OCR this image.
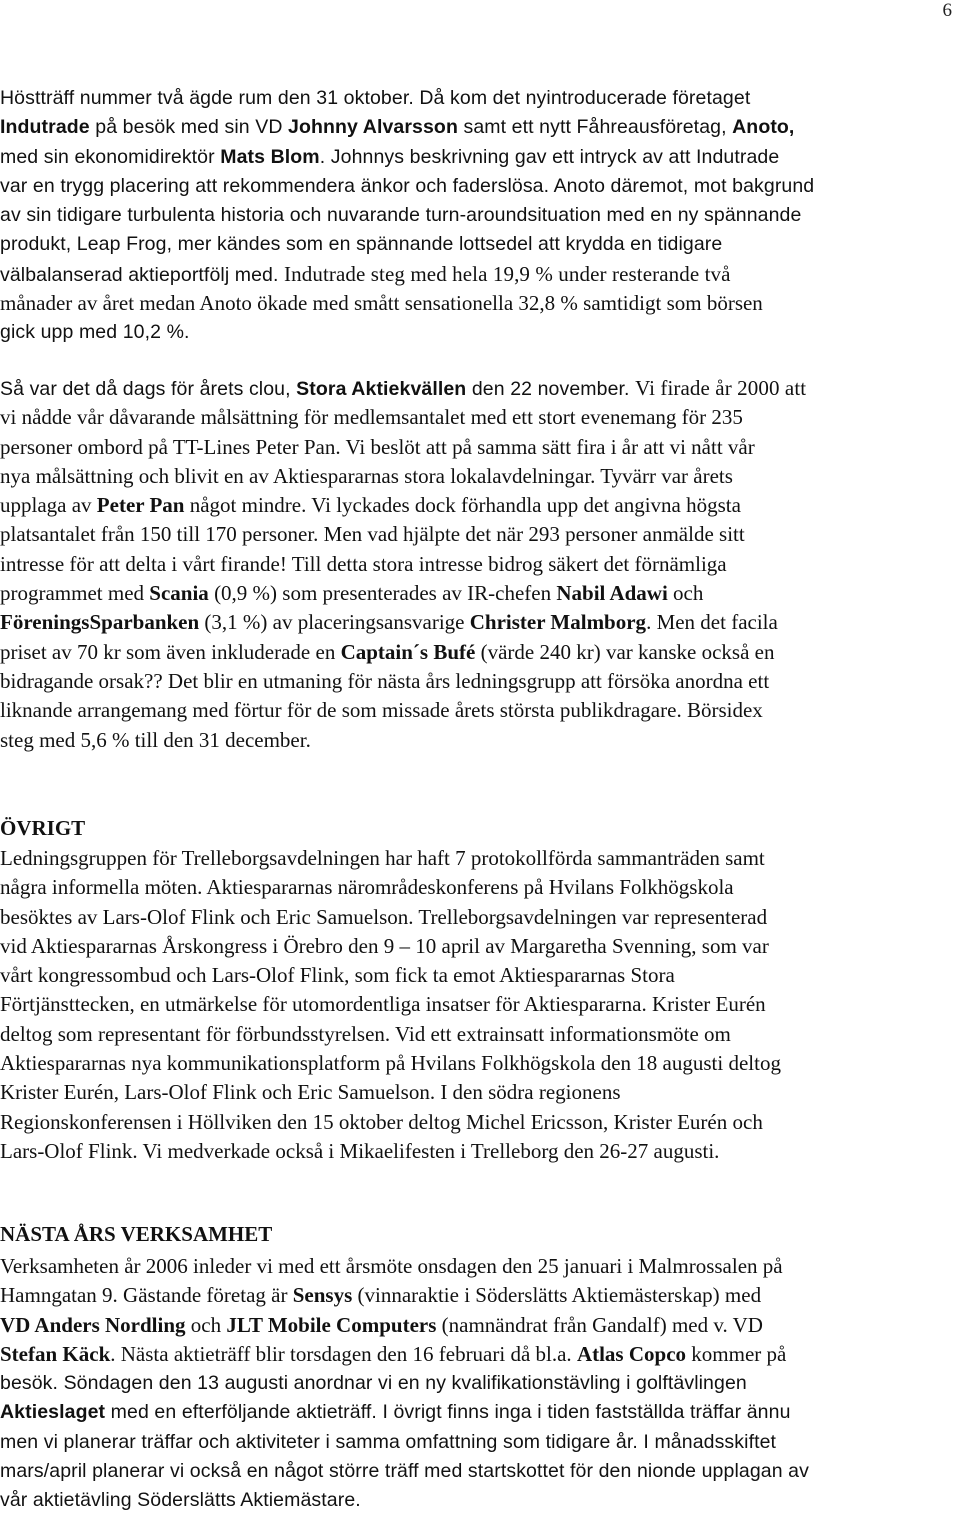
6
Höstträff nummer två ägde rum den 31 oktober. Då kom det nyintroducerade företaget
Indutrade på besök med sin VD Johnny Alvarsson samt ett nytt Fåhreausföretag, Anoto,
med sin ekonomidirektör Mats Blom. Johnnys beskrivning gav ett intryck av att Indutrade
var en trygg placering att rekommendera änkor och faderslösa. Anoto däremot, mot bakgrund
av sin tidigare turbulenta historia och nuvarande turn-aroundsituation med en ny spännande
produkt, Leap Frog, mer kändes som en spännande lottsedel att krydda en tidigare
välbalanserad aktieportfölj med. Indutrade steg med hela 19,9 % under resterande två
månader av året medan Anoto ökade med smått sensationella 32,8 % samtidigt som börsen
gick upp med 10,2 %.
Så var det då dags för årets clou, Stora Aktiekvällen den 22 november. Vi firade år 2000 att
vi nådde vår dåvarande målsättning för medlemsantalet med ett stort evenemang för 235
personer ombord på TT-Lines Peter Pan. Vi beslöt att på samma sätt fira i år att vi nått vår
nya målsättning och blivit en av Aktiespararnas stora lokalavdelningar. Tyvärr var årets
upplaga av Peter Pan något mindre. Vi lyckades dock förhandla upp det angivna högsta
platsantalet från 150 till 170 personer. Men vad hjälpte det när 293 personer anmälde sitt
intresse för att delta i vårt firande! Till detta stora intresse bidrog säkert det förnämliga
programmet med Scania (0,9 %) som presenterades av IR-chefen Nabil Adawi och
FöreningsSparbanken (3,1 %) av placeringsansvarige Christer Malmborg. Men det facila
priset av 70 kr som även inkluderade en Captain´s Bufé (värde 240 kr) var kanske också en
bidragande orsak?? Det blir en utmaning för nästa års ledningsgrupp att försöka anordna ett
liknande arrangemang med förtur för de som missade årets största publikdragare. Börsidex
steg med 5,6 % till den 31 december.
ÖVRIGT
Ledningsgruppen för Trelleborgsavdelningen har haft 7 protokollförda sammanträden samt
några informella möten. Aktiespararnas närområdeskonferens på Hvilans Folkhögskola
besöktes av Lars-Olof Flink och Eric Samuelson. Trelleborgsavdelningen var representerad
vid Aktiespararnas Årskongress i Örebro den 9 – 10 april av Margaretha Svenning, som var
vårt kongressombud och Lars-Olof Flink, som fick ta emot Aktiespararnas Stora
Förtjänsttecken, en utmärkelse för utomordentliga insatser för Aktiespararna. Krister Eurén
deltog som representant för förbundsstyrelsen. Vid ett extrainsatt informationsmöte om
Aktiespararnas nya kommunikationsplatform på Hvilans Folkhögskola den 18 augusti deltog
Krister Eurén, Lars-Olof Flink och Eric Samuelson. I den södra regionens
Regionskonferensen i Höllviken den 15 oktober deltog Michel Ericsson, Krister Eurén och
Lars-Olof Flink. Vi medverkade också i Mikaelifesten i Trelleborg den 26-27 augusti.
NÄSTA ÅRS VERKSAMHET
Verksamheten år 2006 inleder vi med ett årsmöte onsdagen den 25 januari i Malmrossalen på
Hamngatan 9. Gästande företag är Sensys (vinnaraktie i Söderslätts Aktiemästerskap) med
VD Anders Nordling och JLT Mobile Computers (namnändrat från Gandalf) med v. VD
Stefan Käck. Nästa aktieträff blir torsdagen den 16 februari då bl.a. Atlas Copco kommer på
besök. Söndagen den 13 augusti anordnar vi en ny kvalifikationstävling i golftävlingen
Aktieslaget med en efterföljande aktieträff. I övrigt finns inga i tiden fastställda träffar ännu
men vi planerar träffar och aktiviteter i samma omfattning som tidigare år. I månadsskiftet
mars/april planerar vi också en något större träff med startskottet för den nionde upplagan av
vår aktietävling Söderslätts Aktiemästare.
